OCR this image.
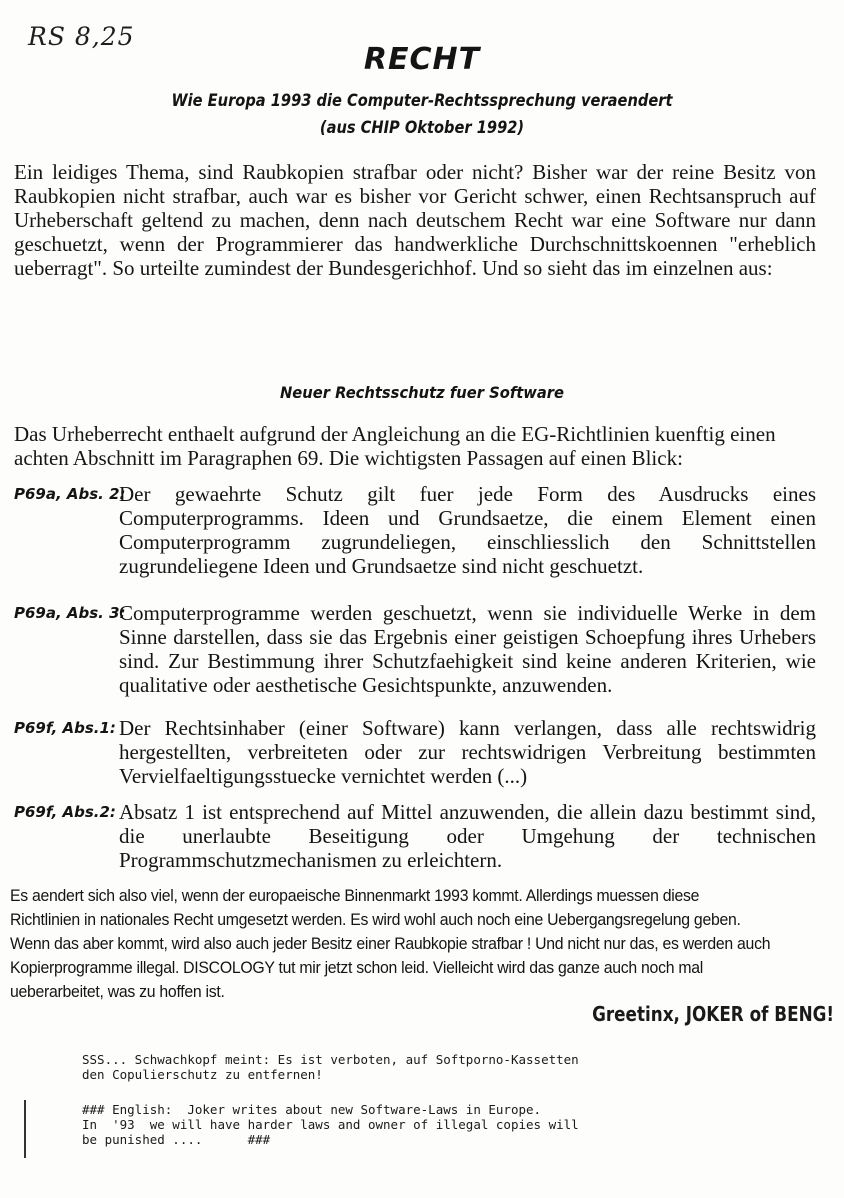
RS 8,25
RECHT
Wie Europa 1993 die Computer-Rechtssprechung veraendert
(aus CHIP Oktober 1992)
Ein leidiges Thema, sind Raubkopien strafbar oder nicht? Bisher war der reine Besitz von Raubkopien nicht strafbar, auch war es bisher vor Gericht schwer, einen Rechtsanspruch auf Urheberschaft geltend zu machen, denn nach deutschem Recht war eine Software nur dann geschuetzt, wenn der Programmierer das handwerkliche Durchschnittskoennen "erheblich ueberragt". So urteilte zumindest der Bundesgerichhof. Und so sieht das im einzelnen aus:
Neuer Rechtsschutz fuer Software
Das Urheberrecht enthaelt aufgrund der Angleichung an die EG-Richtlinien kuenftig einen achten Abschnitt im Paragraphen 69. Die wichtigsten Passagen auf einen Blick:
P69a, Abs. 2:
Der gewaehrte Schutz gilt fuer jede Form des Ausdrucks eines Computerprogramms. Ideen und Grundsaetze, die einem Element einen Computerprogramm zugrundeliegen, einschliesslich den Schnittstellen zugrundeliegene Ideen und Grundsaetze sind nicht geschuetzt.
P69a, Abs. 3:
Computerprogramme werden geschuetzt, wenn sie individuelle Werke in dem Sinne darstellen, dass sie das Ergebnis einer geistigen Schoepfung ihres Urhebers sind. Zur Bestimmung ihrer Schutzfaehigkeit sind keine anderen Kriterien, wie qualitative oder aesthetische Gesichtspunkte, anzuwenden.
P69f, Abs.1: Der Rechtsinhaber (einer Software) kann verlangen, dass alle rechtswidrig hergestellten, verbreiteten oder zur rechtswidrigen Verbreitung bestimmten Vervielfaeltigungsstuecke vernichtet werden (...)
P69f, Abs.2: Absatz 1 ist entsprechend auf Mittel anzuwenden, die allein dazu bestimmt sind, die unerlaubte Beseitigung oder Umgehung der technischen Programmschutzmechanismen zu erleichtern.
Es aendert sich also viel, wenn der europaeische Binnenmarkt 1993 kommt. Allerdings muessen diese Richtlinien in nationales Recht umgesetzt werden. Es wird wohl auch noch eine Uebergangsregelung geben. Wenn das aber kommt, wird also auch jeder Besitz einer Raubkopie strafbar ! Und nicht nur das, es werden auch Kopierprogramme illegal. DISCOLOGY tut mir jetzt schon leid. Vielleicht wird das ganze auch noch mal ueberarbeitet, was zu hoffen ist.
Greetinx, JOKER of BENG!
SSS... Schwachkopf meint: Es ist verboten, auf Softporno-Kassetten
den Copulierschutz zu entfernen!
### English:  Joker writes about new Software-Laws in Europe.
In  '93  we will have harder laws and owner of illegal copies will
be punished ....      ###
